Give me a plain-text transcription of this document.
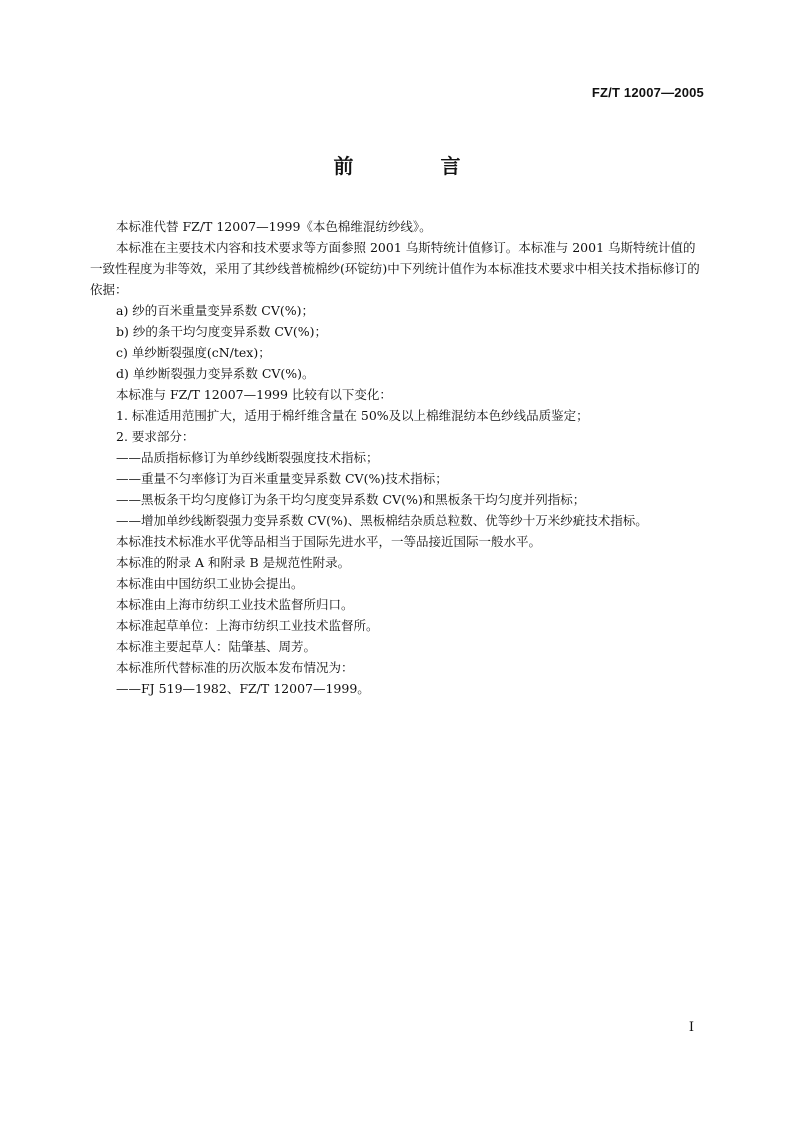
FZ/T 12007—2005
前 言

本标准代替 FZ/T 12007—1999《本色棉维混纺纱线》。

本标准在主要技术内容和技术要求等方面参照 2001 乌斯特统计值修订。本标准与 2001 乌斯特统计值的一致性程度为非等效，采用了其纱线普梳棉纱(环锭纺)中下列统计值作为本标准技术要求中相关技术指标修订的依据：

a) 纱的百米重量变异系数 CV(%)；

b) 纱的条干均匀度变异系数 CV(%)；

c) 单纱断裂强度(cN/tex)；

d) 单纱断裂强力变异系数 CV(%)。

本标准与 FZ/T 12007—1999 比较有以下变化：

1. 标准适用范围扩大，适用于棉纤维含量在 50%及以上棉维混纺本色纱线品质鉴定；

2. 要求部分：

——品质指标修订为单纱线断裂强度技术指标；

——重量不匀率修订为百米重量变异系数 CV(%)技术指标；

——黑板条干均匀度修订为条干均匀度变异系数 CV(%)和黑板条干均匀度并列指标；

——增加单纱线断裂强力变异系数 CV(%)、黑板棉结杂质总粒数、优等纱十万米纱疵技术指标。

本标准技术标准水平优等品相当于国际先进水平，一等品接近国际一般水平。

本标准的附录 A 和附录 B 是规范性附录。

本标准由中国纺织工业协会提出。

本标准由上海市纺织工业技术监督所归口。

本标准起草单位：上海市纺织工业技术监督所。

本标准主要起草人：陆肇基、周芳。

本标准所代替标准的历次版本发布情况为：

——FJ 519—1982、FZ/T 12007—1999。

I
